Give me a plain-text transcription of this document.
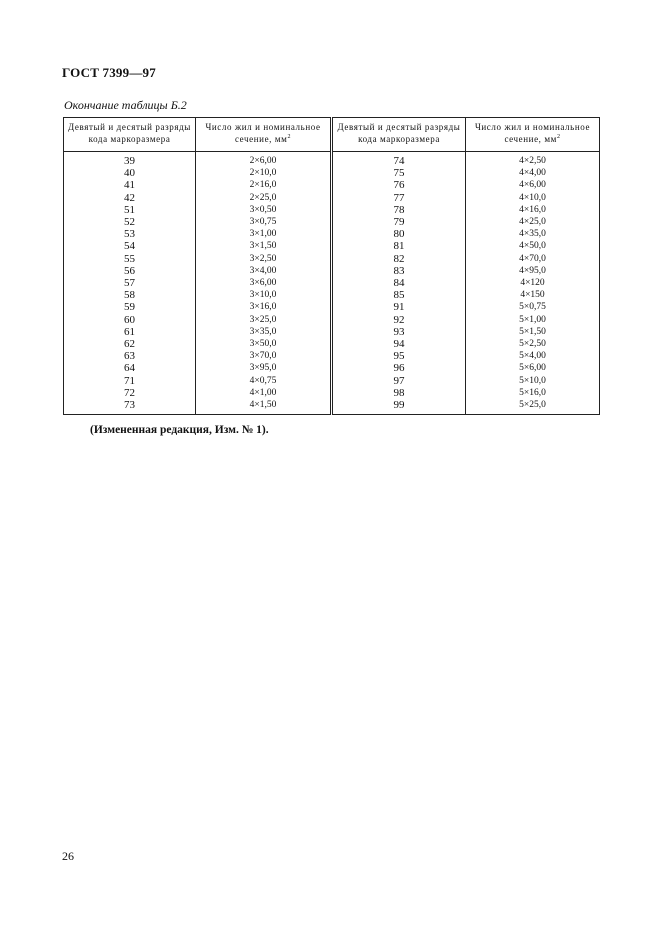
ГОСТ 7399—97
Окончание таблицы Б.2
Девятый и десятый разряды кода маркоразмера	Число жил и номинальное сечение, $мм^2$	Девятый и десятый разряды кода маркоразмера	Число жил и номинальное сечение, $мм^2$
39	2×6,00	74	4×2,50
40	2×10,0	75	4×4,00
41	2×16,0	76	4×6,00
42	2×25,0	77	4×10,0
51	3×0,50	78	4×16,0
52	3×0,75	79	4×25,0
53	3×1,00	80	4×35,0
54	3×1,50	81	4×50,0
55	3×2,50	82	4×70,0
56	3×4,00	83	4×95,0
57	3×6,00	84	4×120
58	3×10,0	85	4×150
59	3×16,0	91	5×0,75
60	3×25,0	92	5×1,00
61	3×35,0	93	5×1,50
62	3×50,0	94	5×2,50
63	3×70,0	95	5×4,00
64	3×95,0	96	5×6,00
71	4×0,75	97	5×10,0
72	4×1,00	98	5×16,0
73	4×1,50	99	5×25,0
(Измененная редакция, Изм. № 1).
26
